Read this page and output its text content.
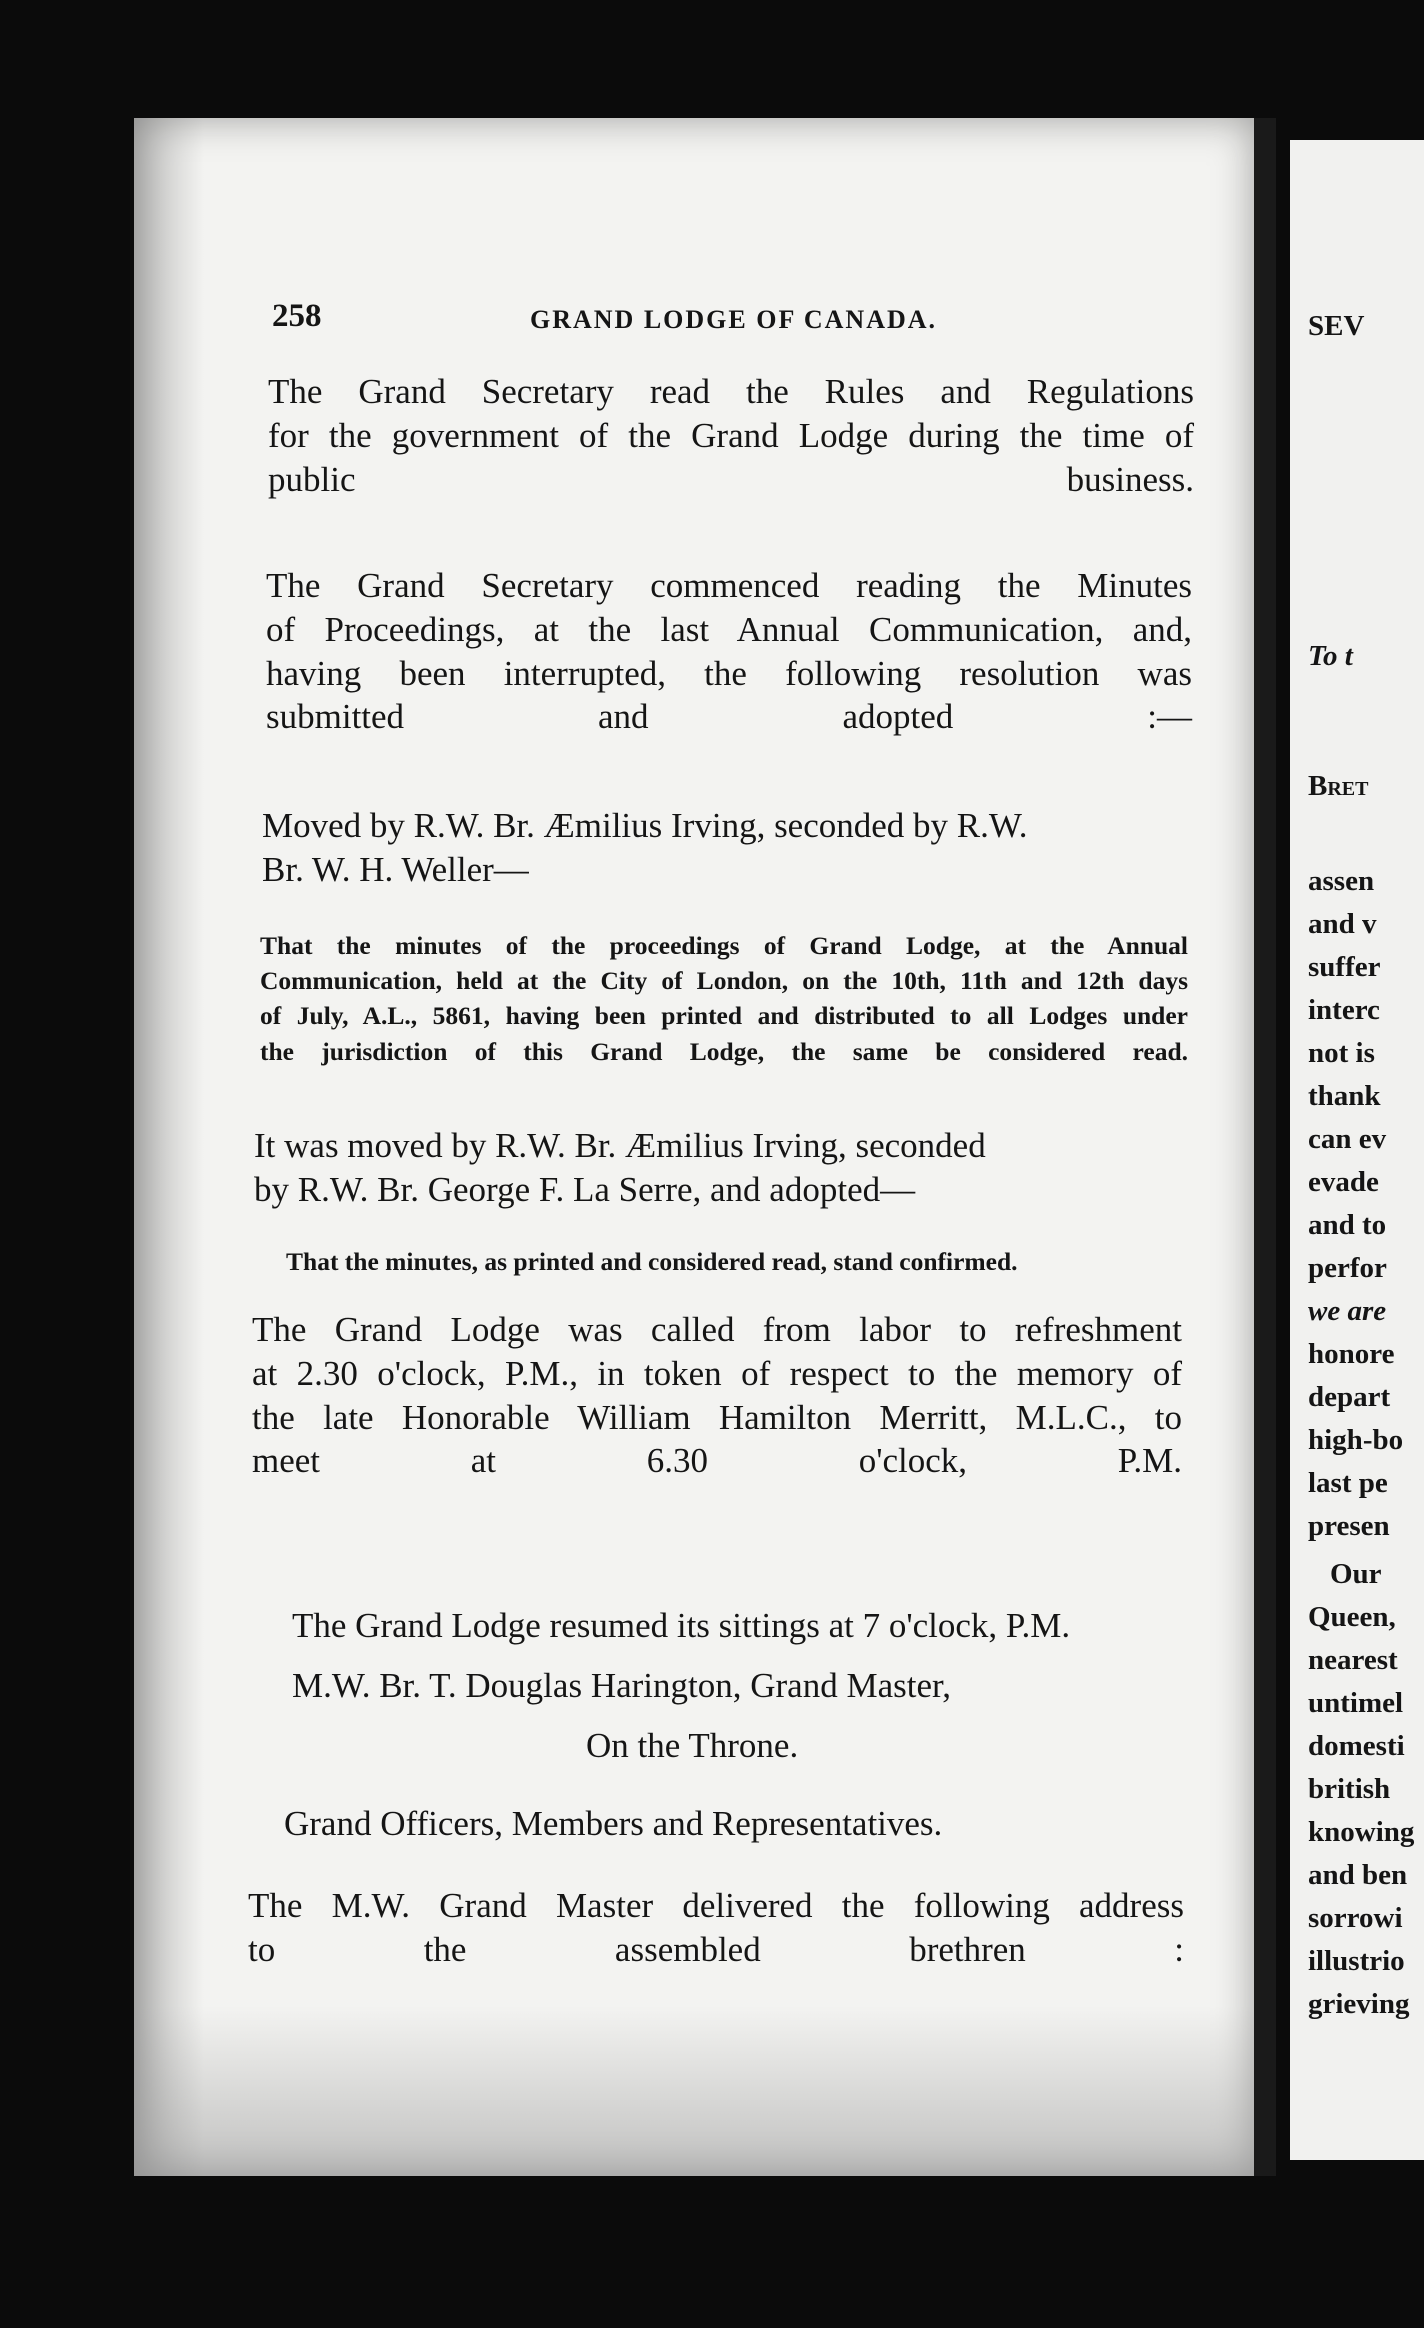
258	GRAND LODGE OF CANADA.
The Grand Secretary read the Rules and Regulations
for the government of the Grand Lodge during the time of
public business.
The Grand Secretary commenced reading the Minutes
of Proceedings, at the last Annual Communication, and,
having been interrupted, the following resolution was
submitted and adopted :—
Moved by R.W. Br. Æmilius Irving, seconded by R.W.
Br. W. H. Weller—
That the minutes of the proceedings of Grand Lodge, at the Annual
Communication, held at the City of London, on the 10th, 11th and 12th days
of July, A.L., 5861, having been printed and distributed to all Lodges under
the jurisdiction of this Grand Lodge, the same be considered read.
It was moved by R.W. Br. Æmilius Irving, seconded
by R.W. Br. George F. La Serre, and adopted—
That the minutes, as printed and considered read, stand confirmed.
The Grand Lodge was called from labor to refreshment
at 2.30 o'clock, P.M., in token of respect to the memory of
the late Honorable William Hamilton Merritt, M.L.C., to
meet at 6.30 o'clock, P.M.
The Grand Lodge resumed its sittings at 7 o'clock, P.M.
M.W. Br. T. Douglas Harington, Grand Master,
On the Throne.
Grand Officers, Members and Representatives.
The M.W. Grand Master delivered the following address
to the assembled brethren :
SEV
To t
Bret
assen
and v
suffer
interc
not is
thank
can ev
evade
and to
perfor
we are
honore
depart
high-bo
last pe
presen
Our
Queen,
nearest
untimel
domesti
british
knowing
and ben
sorrowi
illustrio
grieving
